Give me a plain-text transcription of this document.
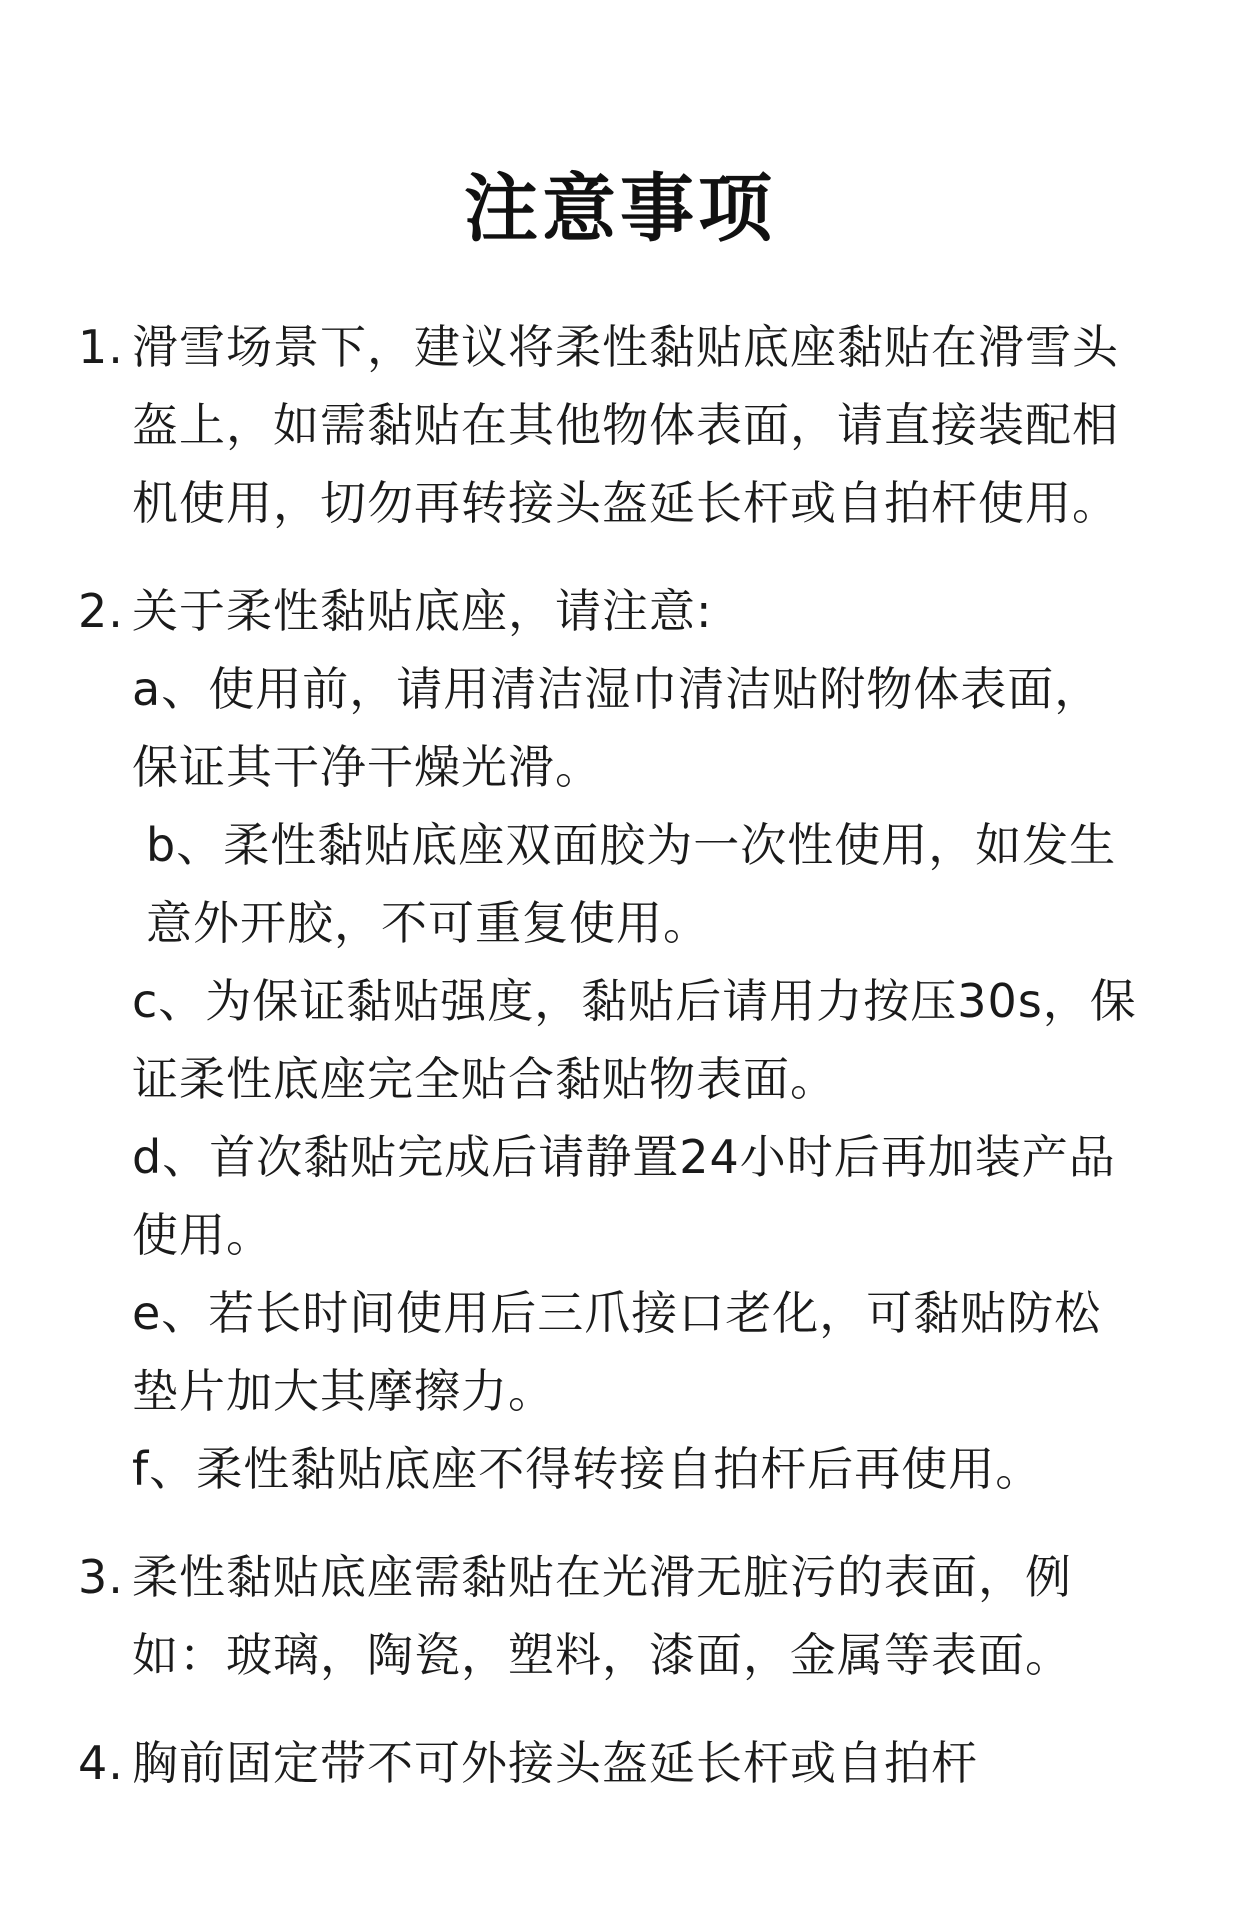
注意事项
1. 滑雪场景下，建议将柔性黏贴底座黏贴在滑雪头盔上，如需黏贴在其他物体表面，请直接装配相机使用，切勿再转接头盔延长杆或自拍杆使用。
2. 关于柔性黏贴底座，请注意:

a、使用前，请用清洁湿巾清洁贴附物体表面，保证其干净干燥光滑。

b、柔性黏贴底座双面胶为一次性使用，如发生意外开胶，不可重复使用。

c、为保证黏贴强度，黏贴后请用力按压30s，保证柔性底座完全贴合黏贴物表面。

d、首次黏贴完成后请静置24小时后再加装产品使用。

e、若长时间使用后三爪接口老化，可黏贴防松垫片加大其摩擦力。

f、柔性黏贴底座不得转接自拍杆后再使用。

3. 柔性黏贴底座需黏贴在光滑无脏污的表面，例如：玻璃，陶瓷，塑料，漆面，金属等表面。
4. 胸前固定带不可外接头盔延长杆或自拍杆
